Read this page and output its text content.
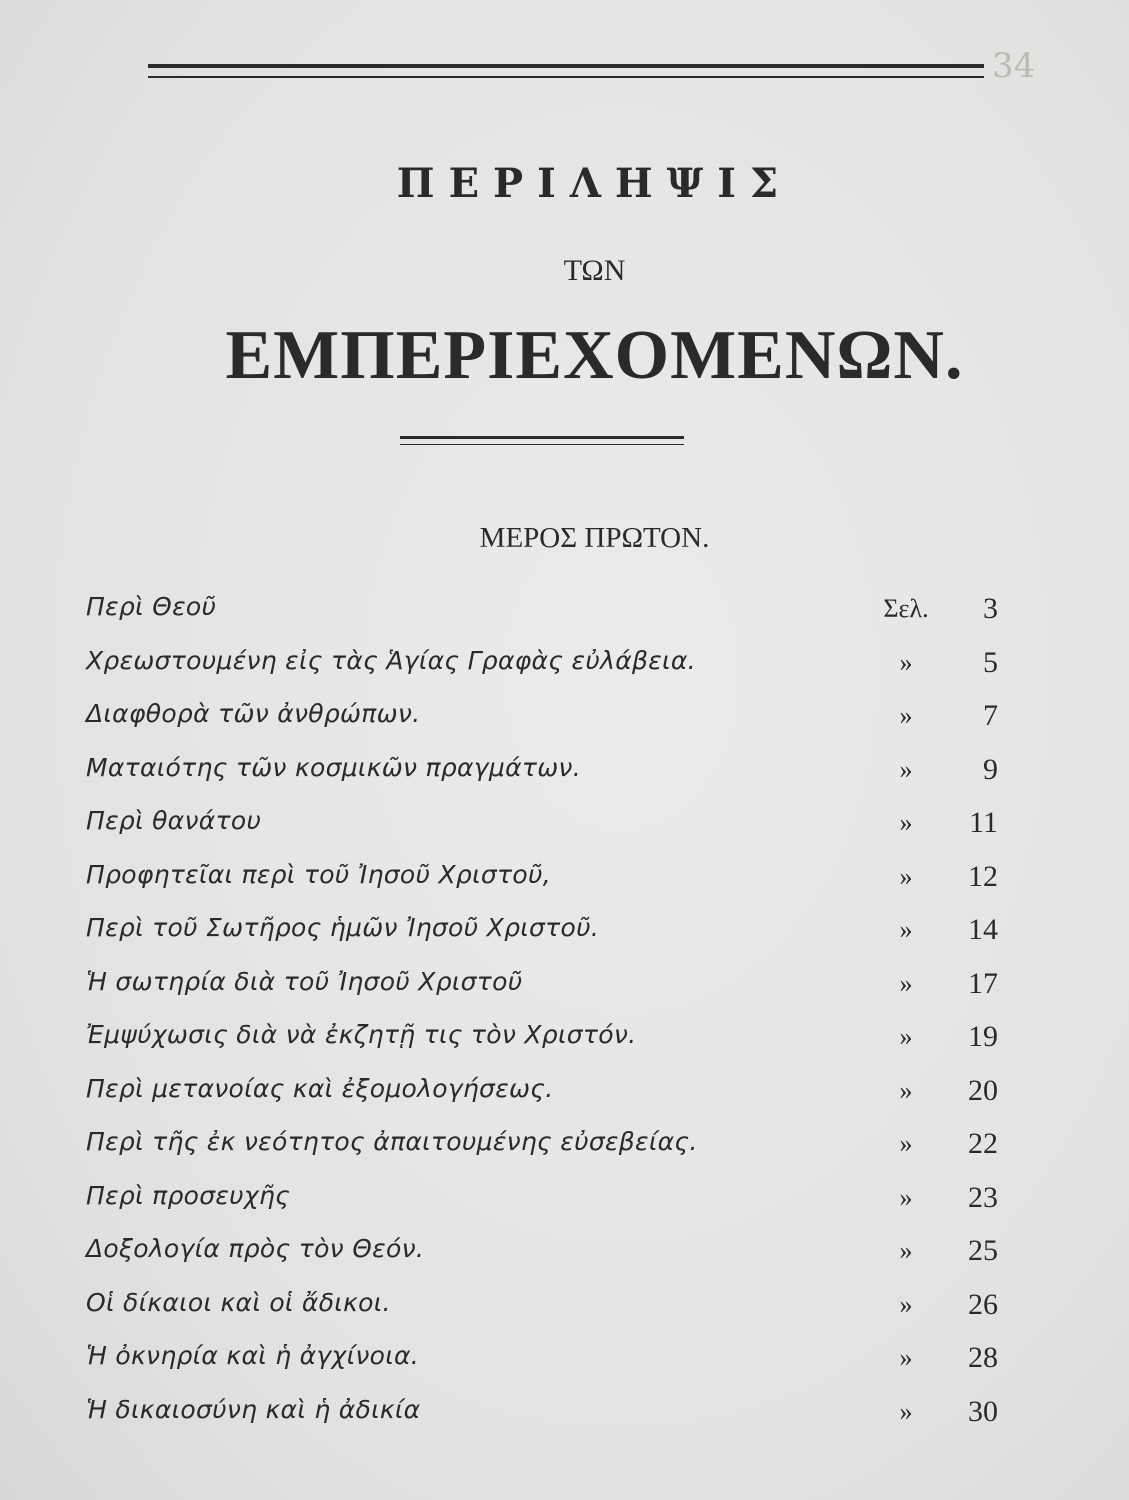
34
ΠΕΡΙΛΗΨΙΣ
ΤΩΝ
ΕΜΠΕΡΙΕΧΟΜΕΝΩΝ.
ΜΕΡΟΣ ΠΡΩΤΟΝ.
Περὶ Θεοῦ	Σελ.	3
Χρεωστουμένη εἰς τὰς Ἁγίας Γραφὰς εὐλάβεια.	»	5
Διαφθορὰ τῶν ἀνθρώπων.	»	7
Ματαιότης τῶν κοσμικῶν πραγμάτων.	»	9
Περὶ θανάτου	»	11
Προφητεῖαι περὶ τοῦ Ἰησοῦ Χριστοῦ,	»	12
Περὶ τοῦ Σωτῆρος ἡμῶν Ἰησοῦ Χριστοῦ.	»	14
Ἡ σωτηρία διὰ τοῦ Ἰησοῦ Χριστοῦ	»	17
Ἐμψύχωσις διὰ νὰ ἐκζητῇ τις τὸν Χριστόν.	»	19
Περὶ μετανοίας καὶ ἐξομολογήσεως.	»	20
Περὶ τῆς ἐκ νεότητος ἀπαιτουμένης εὐσεβείας.	»	22
Περὶ προσευχῆς	»	23
Δοξολογία πρὸς τὸν Θεόν.	»	25
Οἱ δίκαιοι καὶ οἱ ἄδικοι.	»	26
Ἡ ὀκνηρία καὶ ἡ ἀγχίνοια.	»	28
Ἡ δικαιοσύνη καὶ ἡ ἀδικία	»	30
